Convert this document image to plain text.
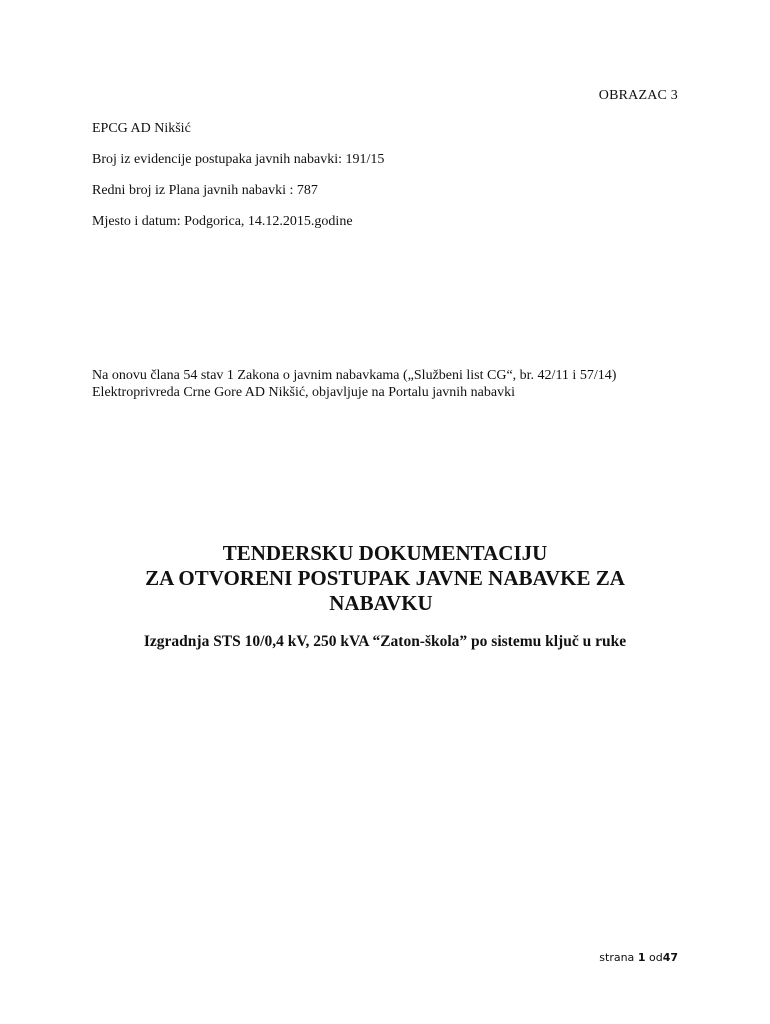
OBRAZAC 3
EPCG AD Nikšić
Broj iz evidencije postupaka javnih nabavki: 191/15
Redni broj iz Plana javnih nabavki : 787
Mjesto i datum: Podgorica, 14.12.2015.godine
Na onovu člana 54 stav 1 Zakona o javnim nabavkama („Službeni list CG“, br. 42/11 i 57/14)
Elektroprivreda Crne Gore AD Nikšić, objavljuje na Portalu javnih nabavki
TENDERSKU DOKUMENTACIJU
ZA OTVORENI POSTUPAK JAVNE NABAVKE ZA
NABAVKU
Izgradnja STS 10/0,4 kV, 250 kVA “Zaton-škola” po sistemu ključ u ruke
strana 1 od47
